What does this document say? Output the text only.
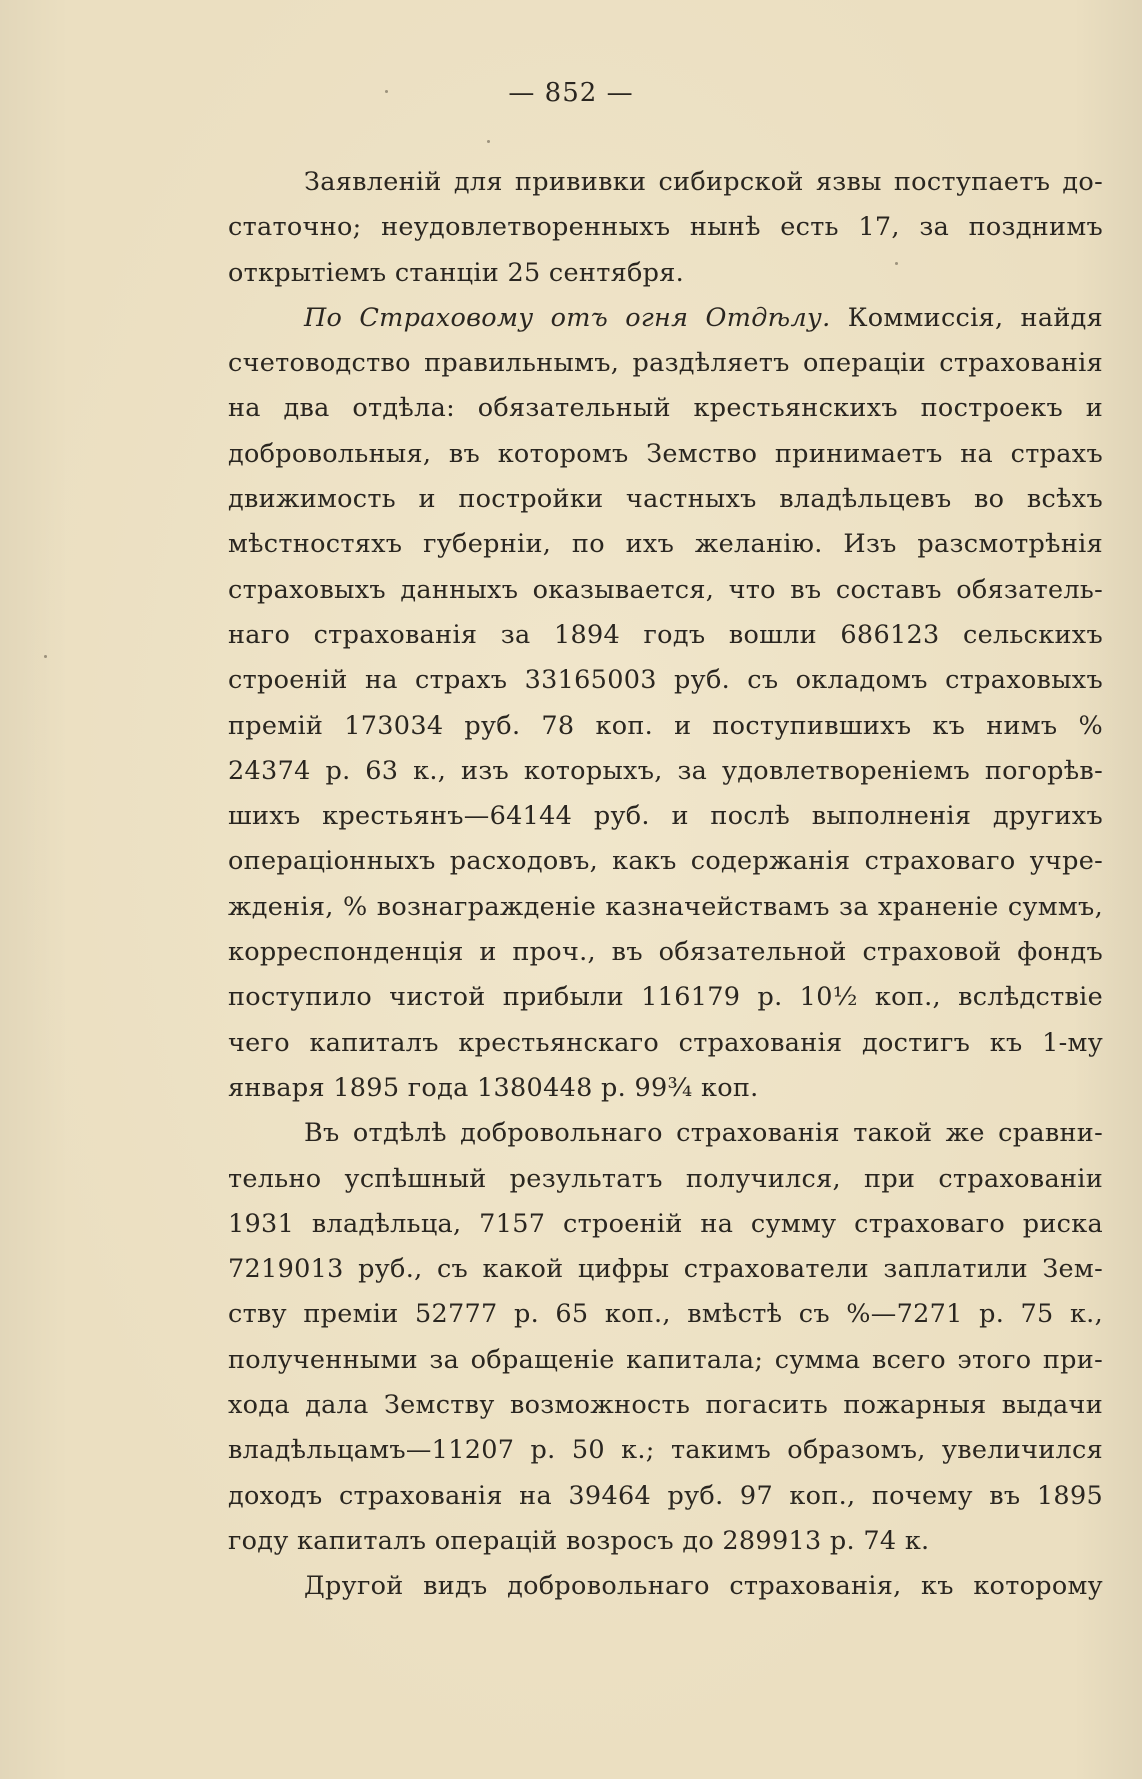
— 852 —
Заявленій для прививки сибирской язвы поступаетъ до-
статочно; неудовлетворенныхъ нынѣ есть 17, за позднимъ
открытіемъ станціи 25 сентября.
По Страховому отъ огня Отдѣлу. Коммиссія, найдя
счетоводство правильнымъ, раздѣляетъ операціи страхованія
на два отдѣла: обязательный крестьянскихъ построекъ и
добровольныя, въ которомъ Земство принимаетъ на страхъ
движимость и постройки частныхъ владѣльцевъ во всѣхъ
мѣстностяхъ губерніи, по ихъ желанію. Изъ разсмотрѣнія
страховыхъ данныхъ оказывается, что въ составъ обязатель-
наго страхованія за 1894 годъ вошли 686123 сельскихъ
строеній на страхъ 33165003 руб. съ окладомъ страховыхъ
премій 173034 руб. 78 коп. и поступившихъ къ нимъ %
24374 р. 63 к., изъ которыхъ, за удовлетвореніемъ погорѣв-
шихъ крестьянъ—64144 руб. и послѣ выполненія другихъ
операціонныхъ расходовъ, какъ содержанія страховаго учре-
жденія, % вознагражденіе казначействамъ за храненіе суммъ,
корреспонденція и проч., въ обязательной страховой фондъ
поступило чистой прибыли 116179 р. 10½ коп., вслѣдствіе
чего капиталъ крестьянскаго страхованія достигъ къ 1-му
января 1895 года 1380448 р. 99¾ коп.
Въ отдѣлѣ добровольнаго страхованія такой же сравни-
тельно успѣшный результатъ получился, при страхованіи
1931 владѣльца, 7157 строеній на сумму страховаго риска
7219013 руб., съ какой цифры страхователи заплатили Зем-
ству преміи 52777 р. 65 коп., вмѣстѣ съ %—7271 р. 75 к.,
полученными за обращеніе капитала; сумма всего этого при-
хода дала Земству возможность погасить пожарныя выдачи
владѣльцамъ—11207 р. 50 к.; такимъ образомъ, увеличился
доходъ страхованія на 39464 руб. 97 коп., почему въ 1895
году капиталъ операцій возросъ до 289913 р. 74 к.
Другой видъ добровольнаго страхованія, къ которому
